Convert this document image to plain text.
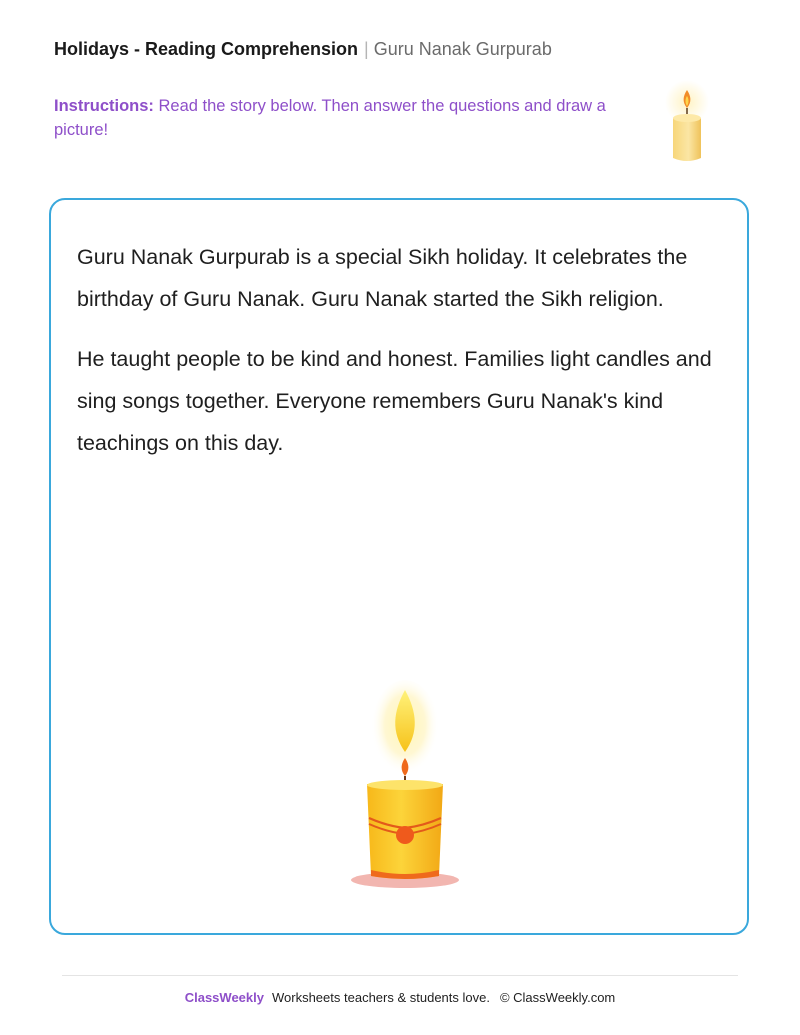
Holidays - Reading Comprehension | Guru Nanak Gurpurab
Instructions: Read the story below. Then answer the questions and draw a picture!

Guru Nanak Gurpurab is a special Sikh holiday. It celebrates the birthday of Guru Nanak. Guru Nanak started the Sikh religion.

He taught people to be kind and honest. Families light candles and sing songs together. Everyone remembers Guru Nanak's kind teachings on this day.

ClassWeekly Worksheets teachers & students love. © ClassWeekly.com
